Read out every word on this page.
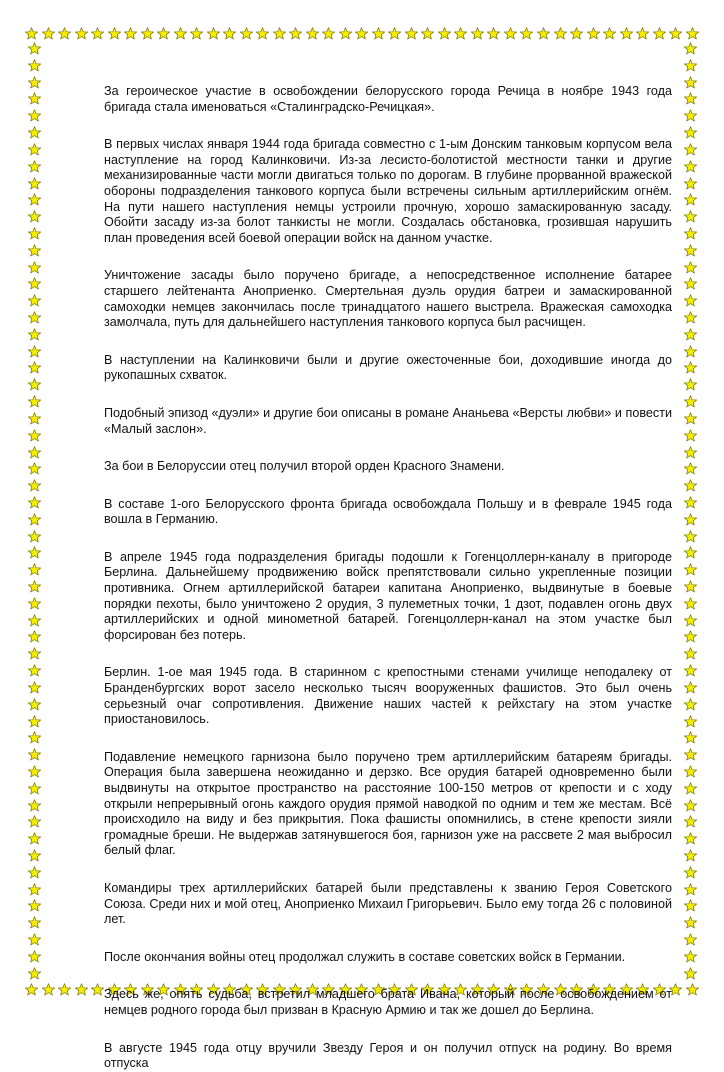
За героическое участие в освобождении белорусского города Речица в ноябре 1943 года бригада стала именоваться «Сталинградско-Речицкая».

В первых числах января 1944 года бригада совместно с 1-ым Донским танковым корпусом вела наступление на город Калинковичи. Из-за лесисто-болотистой местности танки и другие механизированные части могли двигаться только по дорогам. В глубине прорванной вражеской обороны подразделения танкового корпуса были встречены сильным артиллерийским огнём. На пути нашего наступления немцы устроили прочную, хорошо замаскированную засаду. Обойти засаду из-за болот танкисты не могли. Создалась обстановка, грозившая нарушить план проведения всей боевой операции войск на данном участке.

Уничтожение засады было поручено бригаде, а непосредственное исполнение батарее старшего лейтенанта Аноприенко. Смертельная дуэль орудия батреи и замаскированной самоходки немцев закончилась после тринадцатого нашего выстрела. Вражеская самоходка замолчала, путь для дальнейшего наступления танкового корпуса был расчищен.

В наступлении на Калинковичи были и другие ожесточенные бои, доходившие иногда до рукопашных схваток.

Подобный эпизод «дуэли» и другие бои описаны в романе Ананьева «Версты любви» и повести «Малый заслон».

За бои в Белоруссии отец получил второй орден Красного Знамени.

В составе 1-ого Белорусского фронта бригада освобождала Польшу и в феврале 1945 года вошла в Германию.

В апреле 1945 года подразделения бригады подошли к Гогенцоллерн-каналу в пригороде Берлина. Дальнейшему продвижению войск препятствовали сильно укрепленные позиции противника. Огнем артиллерийской батареи капитана Аноприенко, выдвинутые в боевые порядки пехоты, было уничтожено 2 орудия, 3 пулеметных точки, 1 дзот, подавлен огонь двух артиллерийских и одной минометной батарей. Гогенцоллерн-канал на этом участке был форсирован без потерь.

Берлин. 1-ое мая 1945 года. В старинном с крепостными стенами училище неподалеку от Бранденбургских ворот засело несколько тысяч вооруженных фашистов. Это был очень серьезный очаг сопротивления. Движение наших частей к рейхстагу на этом участке приостановилось.

Подавление немецкого гарнизона было поручено трем артиллерийским батареям бригады. Операция была завершена неожиданно и дерзко. Все орудия батарей одновременно были выдвинуты на открытое пространство на расстояние 100-150 метров от крепости и с ходу открыли непрерывный огонь каждого орудия прямой наводкой по одним и тем же местам. Всё происходило на виду и без прикрытия. Пока фашисты опомнились, в стене крепости зияли громадные бреши. Не выдержав затянувшегося боя, гарнизон уже на рассвете 2 мая выбросил белый флаг.

Командиры трех артиллерийских батарей были представлены к званию Героя Советского Союза. Среди них и мой отец, Аноприенко Михаил Григорьевич. Было ему тогда 26 с половиной лет.

После окончания войны отец продолжал служить в составе советских войск в Германии.

Здесь же, опять судьба, встретил младшего брата Ивана, который после освобождением от немцев родного города был призван в Красную Армию и так же дошел до Берлина.

В августе 1945 года отцу вручили Звезду Героя и он получил отпуск на родину. Во время отпуска
